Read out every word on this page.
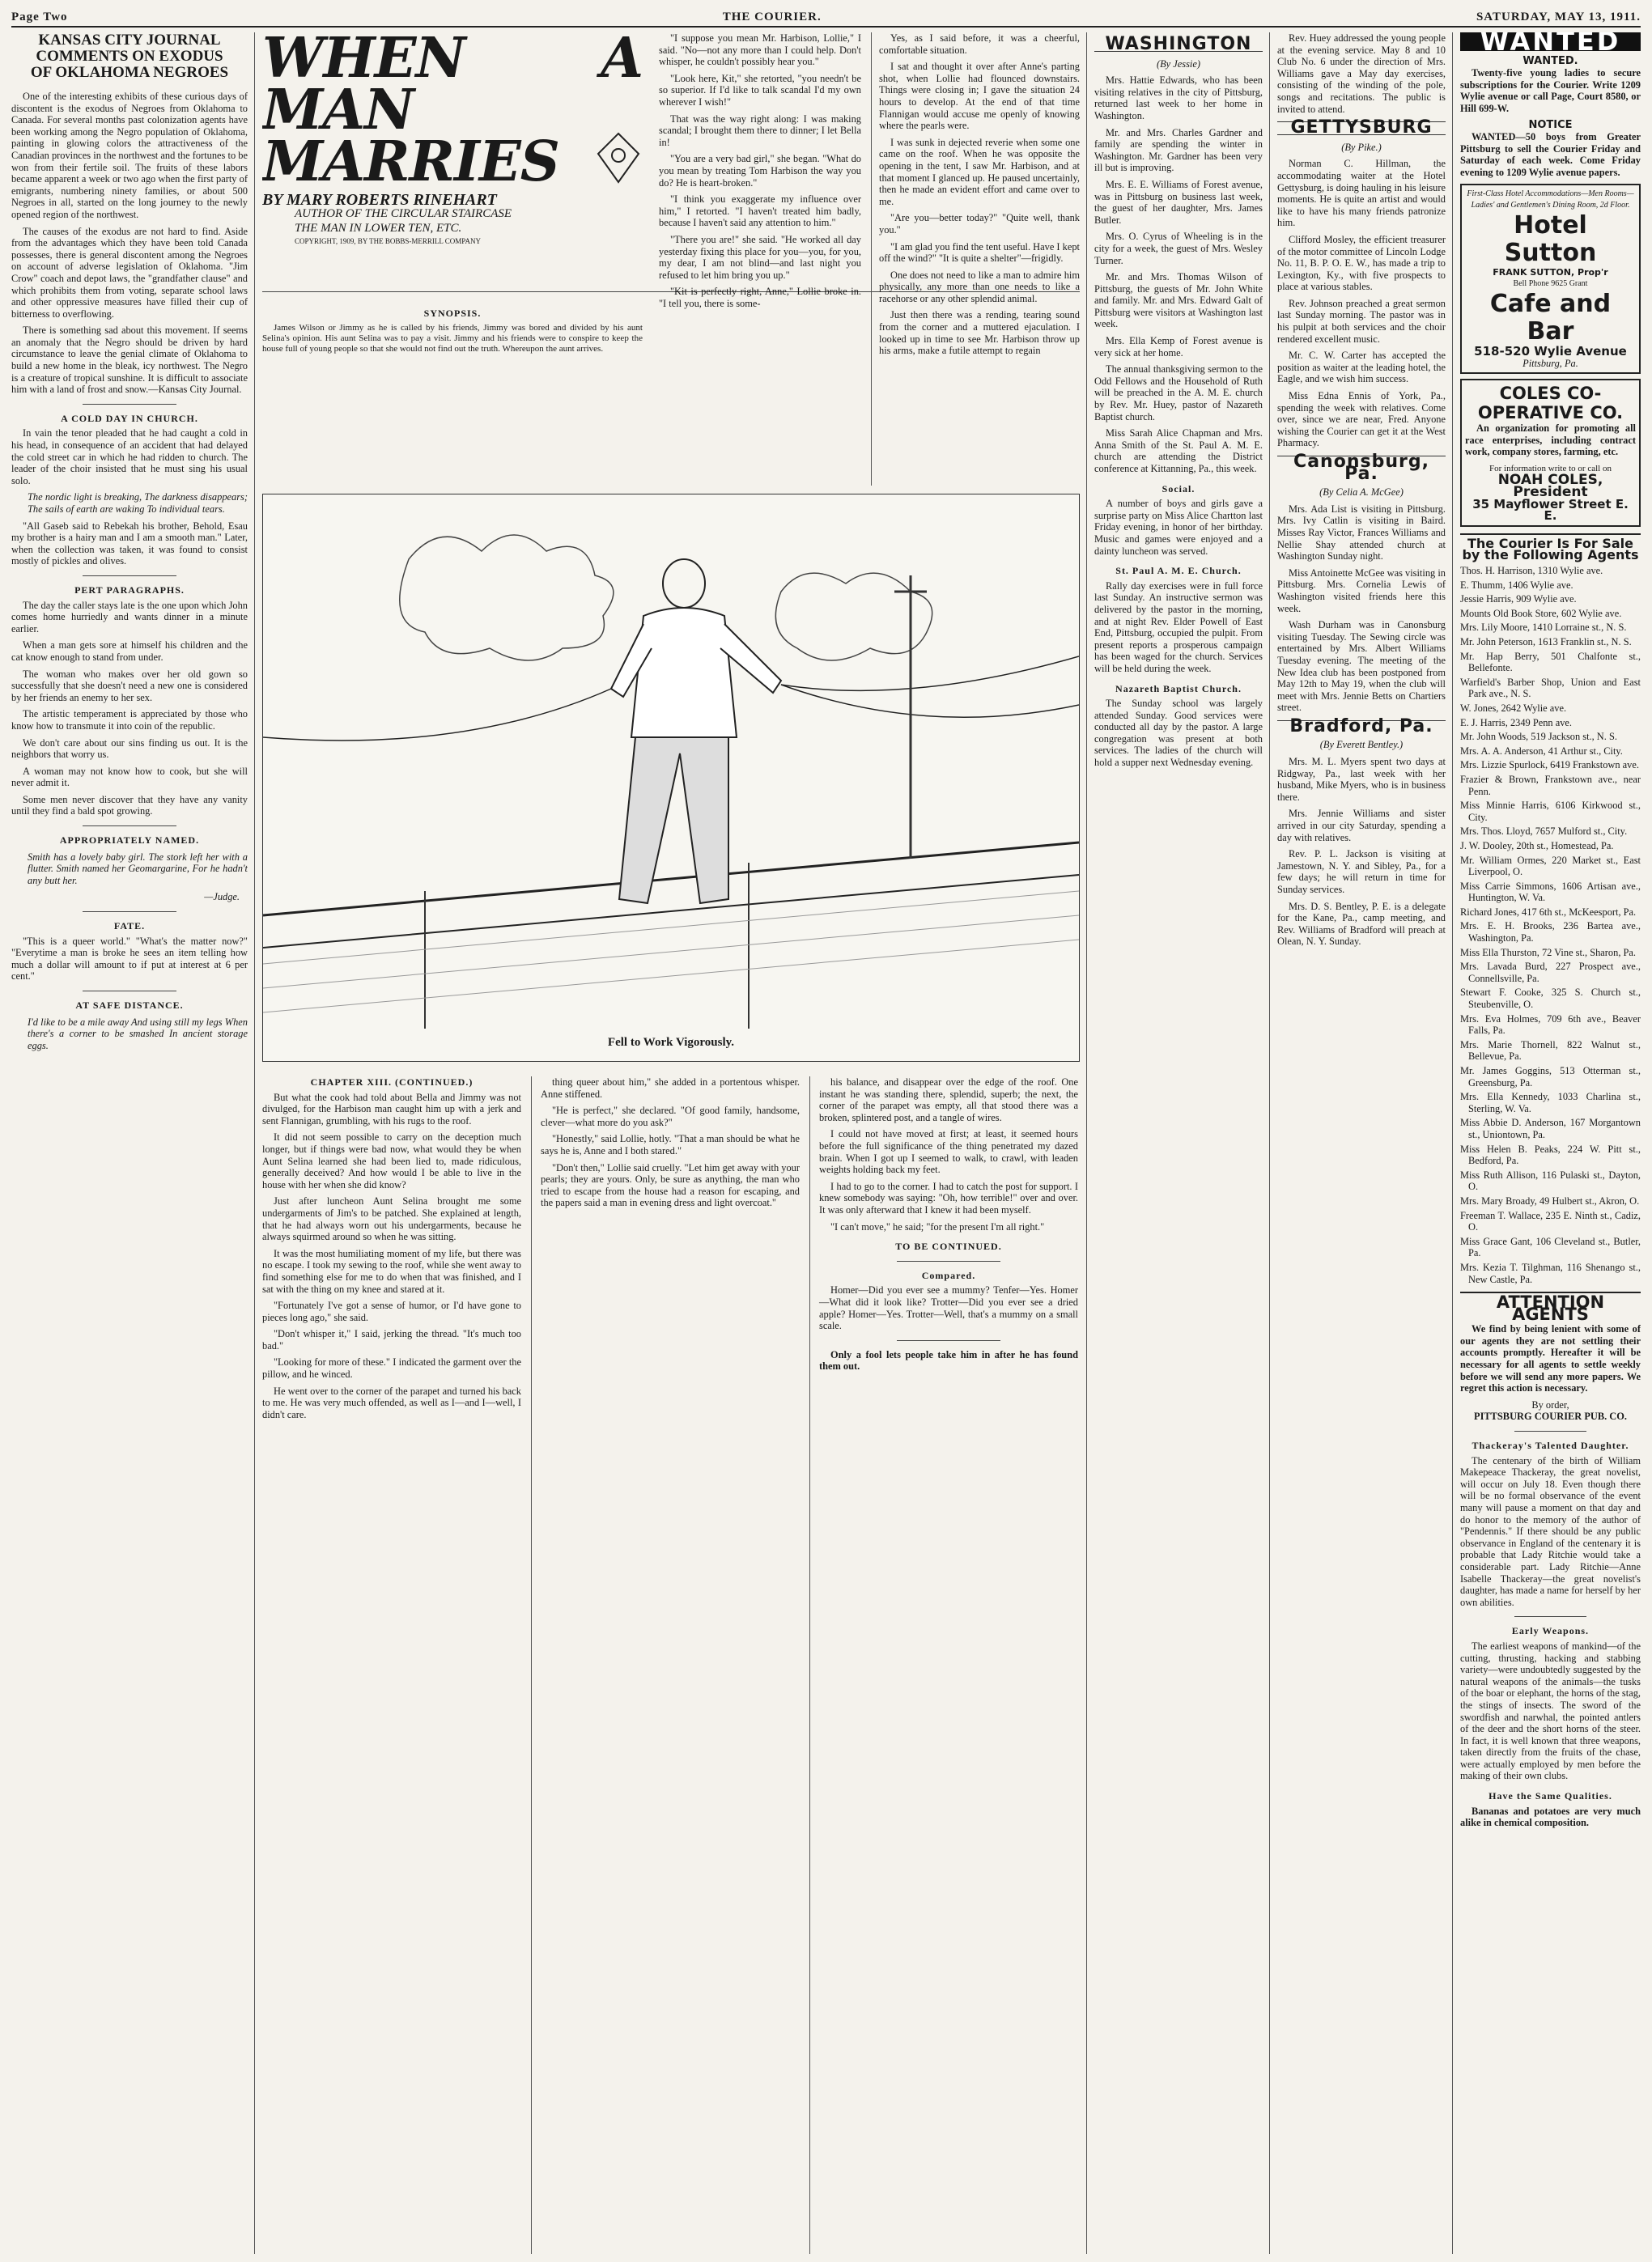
Page Two	THE COURIER.	SATURDAY, MAY 13, 1911.
KANSAS CITY JOURNAL
COMMENTS ON EXODUS
OF OKLAHOMA NEGROES

One of the interesting exhibits of these curious days of discontent is the exodus of Negroes from Oklahoma to Canada. For several months past colonization agents have been working among the Negro population of Oklahoma, painting in glowing colors the attractiveness of the Canadian provinces in the northwest and the fortunes to be won from their fertile soil. The fruits of these labors became apparent a week or two ago when the first party of emigrants, numbering ninety families, or about 500 Negroes in all, started on the long journey to the newly opened region of the northwest.

The causes of the exodus are not hard to find. Aside from the advantages which they have been told Canada possesses, there is general discontent among the Negroes on account of adverse legislation of Oklahoma. "Jim Crow" coach and depot laws, the "grandfather clause" and which prohibits them from voting, separate school laws and other oppressive measures have filled their cup of bitterness to overflowing.

There is something sad about this movement. If seems an anomaly that the Negro should be driven by hard circumstance to leave the genial climate of Oklahoma to build a new home in the bleak, icy northwest. The Negro is a creature of tropical sunshine. It is difficult to associate him with a land of frost and snow.—Kansas City Journal.

A COLD DAY IN CHURCH.

In vain the tenor pleaded that he had caught a cold in his head, in consequence of an accident that had delayed the cold street car in which he had ridden to church. The leader of the choir insisted that he must sing his usual solo.

The nordic light is breaking, The darkness disappears; The sails of earth are waking To individual tears.

"All Gaseb said to Rebekah his brother, Behold, Esau my brother is a hairy man and I am a smooth man." Later, when the collection was taken, it was found to consist mostly of pickles and olives.

PERT PARAGRAPHS.

The day the caller stays late is the one upon which John comes home hurriedly and wants dinner in a minute earlier.

When a man gets sore at himself his children and the cat know enough to stand from under.

The woman who makes over her old gown so successfully that she doesn't need a new one is considered by her friends an enemy to her sex.

The artistic temperament is appreciated by those who know how to transmute it into coin of the republic.

We don't care about our sins finding us out. It is the neighbors that worry us.

A woman may not know how to cook, but she will never admit it.

Some men never discover that they have any vanity until they find a bald spot growing.

APPROPRIATELY NAMED.
Smith has a lovely baby girl. The stork left her with a flutter. Smith named her Geomargarine, For he hadn't any butt her.
—Judge.
FATE.

"This is a queer world." "What's the matter now?" "Everytime a man is broke he sees an item telling how much a dollar will amount to if put at interest at 6 per cent."

AT SAFE DISTANCE.
I'd like to be a mile away And using still my legs When there's a corner to be smashed In ancient storage eggs.
WHEN A MAN MARRIES
BY MARY ROBERTS RINEHART
AUTHOR OF THE CIRCULAR STAIRCASE
THE MAN IN LOWER TEN, ETC.
COPYRIGHT, 1909, BY THE BOBBS-MERRILL COMPANY

"I suppose you mean Mr. Harbison, Lollie," I said. "No—not any more than I could help. Don't whisper, he couldn't possibly hear you."

"Look here, Kit," she retorted, "you needn't be so superior. If I'd like to talk scandal I'd my own wherever I wish!"

That was the way right along: I was making scandal; I brought them there to dinner; I let Bella in!

"You are a very bad girl," she began. "What do you mean by treating Tom Harbison the way you do? He is heart-broken."

"I think you exaggerate my influence over him," I retorted. "I haven't treated him badly, because I haven't said any attention to him."

"There you are!" she said. "He worked all day yesterday fixing this place for you—you, for you, my dear, I am not blind—and last night you refused to let him bring you up."

"Kit is perfectly right, Anne," Lollie broke in. "I tell you, there is some-

Yes, as I said before, it was a cheerful, comfortable situation.

I sat and thought it over after Anne's parting shot, when Lollie had flounced downstairs. Things were closing in; I gave the situation 24 hours to develop. At the end of that time Flannigan would accuse me openly of knowing where the pearls were.

I was sunk in dejected reverie when some one came on the roof. When he was opposite the opening in the tent, I saw Mr. Harbison, and at that moment I glanced up. He paused uncertainly, then he made an evident effort and came over to me.

"Are you—better today?" "Quite well, thank you."

"I am glad you find the tent useful. Have I kept off the wind?" "It is quite a shelter"—frigidly.

One does not need to like a man to admire him physically, any more than one needs to like a racehorse or any other splendid animal.

Just then there was a rending, tearing sound from the corner and a muttered ejaculation. I looked up in time to see Mr. Harbison throw up his arms, make a futile attempt to regain

SYNOPSIS.

James Wilson or Jimmy as he is called by his friends, Jimmy was bored and divided by his aunt Selina's opinion. His aunt Selina was to pay a visit. Jimmy and his friends were to conspire to keep the house full of young people so that she would not find out the truth. Whereupon the aunt arrives.

Fell to Work Vigorously.
CHAPTER XIII. (CONTINUED.)

But what the cook had told about Bella and Jimmy was not divulged, for the Harbison man caught him up with a jerk and sent Flannigan, grumbling, with his rugs to the roof.

It did not seem possible to carry on the deception much longer, but if things were bad now, what would they be when Aunt Selina learned she had been lied to, made ridiculous, generally deceived? And how would I be able to live in the house with her when she did know?

Just after luncheon Aunt Selina brought me some undergarments of Jim's to be patched. She explained at length, that he had always worn out his undergarments, because he always squirmed around so when he was sitting.

It was the most humiliating moment of my life, but there was no escape. I took my sewing to the roof, while she went away to find something else for me to do when that was finished, and I sat with the thing on my knee and stared at it.

"Fortunately I've got a sense of humor, or I'd have gone to pieces long ago," she said.

"Don't whisper it," I said, jerking the thread. "It's much too bad."

"Looking for more of these." I indicated the garment over the pillow, and he winced.

He went over to the corner of the parapet and turned his back to me. He was very much offended, as well as I—and I—well, I didn't care.

thing queer about him," she added in a portentous whisper. Anne stiffened.

"He is perfect," she declared. "Of good family, handsome, clever—what more do you ask?"

"Honestly," said Lollie, hotly. "That a man should be what he says he is, Anne and I both stared."

"Don't then," Lollie said cruelly. "Let him get away with your pearls; they are yours. Only, be sure as anything, the man who tried to escape from the house had a reason for escaping, and the papers said a man in evening dress and light overcoat."

his balance, and disappear over the edge of the roof. One instant he was standing there, splendid, superb; the next, the corner of the parapet was empty, all that stood there was a broken, splintered post, and a tangle of wires.

I could not have moved at first; at least, it seemed hours before the full significance of the thing penetrated my dazed brain. When I got up I seemed to walk, to crawl, with leaden weights holding back my feet.

I had to go to the corner. I had to catch the post for support. I knew somebody was saying: "Oh, how terrible!" over and over. It was only afterward that I knew it had been myself.

"I can't move," he said; "for the present I'm all right."

TO BE CONTINUED.
Compared.

Homer—Did you ever see a mummy? Tenfer—Yes. Homer—What did it look like? Trotter—Did you ever see a dried apple? Homer—Yes. Trotter—Well, that's a mummy on a small scale.

Only a fool lets people take him in after he has found them out.

WASHINGTON
(By Jessie)

Mrs. Hattie Edwards, who has been visiting relatives in the city of Pittsburg, returned last week to her home in Washington.

Mr. and Mrs. Charles Gardner and family are spending the winter in Washington. Mr. Gardner has been very ill but is improving.

Mrs. E. E. Williams of Forest avenue, was in Pittsburg on business last week, the guest of her daughter, Mrs. James Butler.

Mrs. O. Cyrus of Wheeling is in the city for a week, the guest of Mrs. Wesley Turner.

Mr. and Mrs. Thomas Wilson of Pittsburg, the guests of Mr. John White and family. Mr. and Mrs. Edward Galt of Pittsburg were visitors at Washington last week.

Mrs. Ella Kemp of Forest avenue is very sick at her home.

The annual thanksgiving sermon to the Odd Fellows and the Household of Ruth will be preached in the A. M. E. church by Rev. Mr. Huey, pastor of Nazareth Baptist church.

Miss Sarah Alice Chapman and Mrs. Anna Smith of the St. Paul A. M. E. church are attending the District conference at Kittanning, Pa., this week.

Social.

A number of boys and girls gave a surprise party on Miss Alice Chartton last Friday evening, in honor of her birthday. Music and games were enjoyed and a dainty luncheon was served.

St. Paul A. M. E. Church.

Rally day exercises were in full force last Sunday. An instructive sermon was delivered by the pastor in the morning, and at night Rev. Elder Powell of East End, Pittsburg, occupied the pulpit. From present reports a prosperous campaign has been waged for the church. Services will be held during the week.

Nazareth Baptist Church.

The Sunday school was largely attended Sunday. Good services were conducted all day by the pastor. A large congregation was present at both services. The ladies of the church will hold a supper next Wednesday evening.

Rev. Huey addressed the young people at the evening service. May 8 and 10 Club No. 6 under the direction of Mrs. Williams gave a May day exercises, consisting of the winding of the pole, songs and recitations. The public is invited to attend.

GETTYSBURG
(By Pike.)

Norman C. Hillman, the accommodating waiter at the Hotel Gettysburg, is doing hauling in his leisure moments. He is quite an artist and would like to have his many friends patronize him.

Clifford Mosley, the efficient treasurer of the motor committee of Lincoln Lodge No. 11, B. P. O. E. W., has made a trip to Lexington, Ky., with five prospects to place at various stables.

Rev. Johnson preached a great sermon last Sunday morning. The pastor was in his pulpit at both services and the choir rendered excellent music.

Mr. C. W. Carter has accepted the position as waiter at the leading hotel, the Eagle, and we wish him success.

Miss Edna Ennis of York, Pa., spending the week with relatives. Come over, since we are near, Fred. Anyone wishing the Courier can get it at the West Pharmacy.

Canonsburg, Pa.
(By Celia A. McGee)

Mrs. Ada List is visiting in Pittsburg. Mrs. Ivy Catlin is visiting in Baird. Misses Ray Victor, Frances Williams and Nellie Shay attended church at Washington Sunday night.

Miss Antoinette McGee was visiting in Pittsburg. Mrs. Cornelia Lewis of Washington visited friends here this week.

Wash Durham was in Canonsburg visiting Tuesday. The Sewing circle was entertained by Mrs. Albert Williams Tuesday evening. The meeting of the New Idea club has been postponed from May 12th to May 19, when the club will meet with Mrs. Jennie Betts on Chartiers street.

Bradford, Pa.
(By Everett Bentley.)

Mrs. M. L. Myers spent two days at Ridgway, Pa., last week with her husband, Mike Myers, who is in business there.

Mrs. Jennie Williams and sister arrived in our city Saturday, spending a day with relatives.

Rev. P. L. Jackson is visiting at Jamestown, N. Y. and Sibley, Pa., for a few days; he will return in time for Sunday services.

Mrs. D. S. Bentley, P. E. is a delegate for the Kane, Pa., camp meeting, and Rev. Williams of Bradford will preach at Olean, N. Y. Sunday.

WANTED
WANTED.

Twenty-five young ladies to secure subscriptions for the Courier. Write 1209 Wylie avenue or call Page, Court 8580, or Hill 699-W.

NOTICE

WANTED—50 boys from Greater Pittsburg to sell the Courier Friday and Saturday of each week. Come Friday evening to 1209 Wylie avenue papers.

First-Class Hotel Accommodations—Men Rooms—Ladies' and Gentlemen's Dining Room, 2d Floor.
Hotel Sutton
FRANK SUTTON, Prop'r
Bell Phone 9625 Grant
Cafe and Bar
518-520 Wylie Avenue
Pittsburg, Pa.
COLES CO-OPERATIVE CO.

An organization for promoting all race enterprises, including contract work, company stores, farming, etc.

For information write to or call on
NOAH COLES, President
35 Mayflower Street E. E.
The Courier Is For Sale by the Following Agents
Thos. H. Harrison, 1310 Wylie ave.
E. Thumm, 1406 Wylie ave.
Jessie Harris, 909 Wylie ave.
Mounts Old Book Store, 602 Wylie ave.
Mrs. Lily Moore, 1410 Lorraine st., N. S.
Mr. John Peterson, 1613 Franklin st., N. S.
Mr. Hap Berry, 501 Chalfonte st., Bellefonte.
Warfield's Barber Shop, Union and East Park ave., N. S.
W. Jones, 2642 Wylie ave.
E. J. Harris, 2349 Penn ave.
Mr. John Woods, 519 Jackson st., N. S.
Mrs. A. A. Anderson, 41 Arthur st., City.
Mrs. Lizzie Spurlock, 6419 Frankstown ave.
Frazier & Brown, Frankstown ave., near Penn.
Miss Minnie Harris, 6106 Kirkwood st., City.
Mrs. Thos. Lloyd, 7657 Mulford st., City.
J. W. Dooley, 20th st., Homestead, Pa.
Mr. William Ormes, 220 Market st., East Liverpool, O.
Miss Carrie Simmons, 1606 Artisan ave., Huntington, W. Va.
Richard Jones, 417 6th st., McKeesport, Pa.
Mrs. E. H. Brooks, 236 Bartea ave., Washington, Pa.
Miss Ella Thurston, 72 Vine st., Sharon, Pa.
Mrs. Lavada Burd, 227 Prospect ave., Connellsville, Pa.
Stewart F. Cooke, 325 S. Church st., Steubenville, O.
Mrs. Eva Holmes, 709 6th ave., Beaver Falls, Pa.
Mrs. Marie Thornell, 822 Walnut st., Bellevue, Pa.
Mr. James Goggins, 513 Otterman st., Greensburg, Pa.
Mrs. Ella Kennedy, 1033 Charlina st., Sterling, W. Va.
Miss Abbie D. Anderson, 167 Morgantown st., Uniontown, Pa.
Miss Helen B. Peaks, 224 W. Pitt st., Bedford, Pa.
Miss Ruth Allison, 116 Pulaski st., Dayton, O.
Mrs. Mary Broady, 49 Hulbert st., Akron, O.
Freeman T. Wallace, 235 E. Ninth st., Cadiz, O.
Miss Grace Gant, 106 Cleveland st., Butler, Pa.
Mrs. Kezia T. Tilghman, 116 Shenango st., New Castle, Pa.
ATTENTION AGENTS

We find by being lenient with some of our agents they are not settling their accounts promptly. Hereafter it will be necessary for all agents to settle weekly before we will send any more papers. We regret this action is necessary.

By order,
PITTSBURG COURIER PUB. CO.
Thackeray's Talented Daughter.

The centenary of the birth of William Makepeace Thackeray, the great novelist, will occur on July 18. Even though there will be no formal observance of the event many will pause a moment on that day and do honor to the memory of the author of "Pendennis." If there should be any public observance in England of the centenary it is probable that Lady Ritchie would take a considerable part. Lady Ritchie—Anne Isabelle Thackeray—the great novelist's daughter, has made a name for herself by her own abilities.

Early Weapons.

The earliest weapons of mankind—of the cutting, thrusting, hacking and stabbing variety—were undoubtedly suggested by the natural weapons of the animals—the tusks of the boar or elephant, the horns of the stag, the stings of insects. The sword of the swordfish and narwhal, the pointed antlers of the deer and the short horns of the steer. In fact, it is well known that three weapons, taken directly from the fruits of the chase, were actually employed by men before the making of their own clubs.

Have the Same Qualities.

Bananas and potatoes are very much alike in chemical composition.
